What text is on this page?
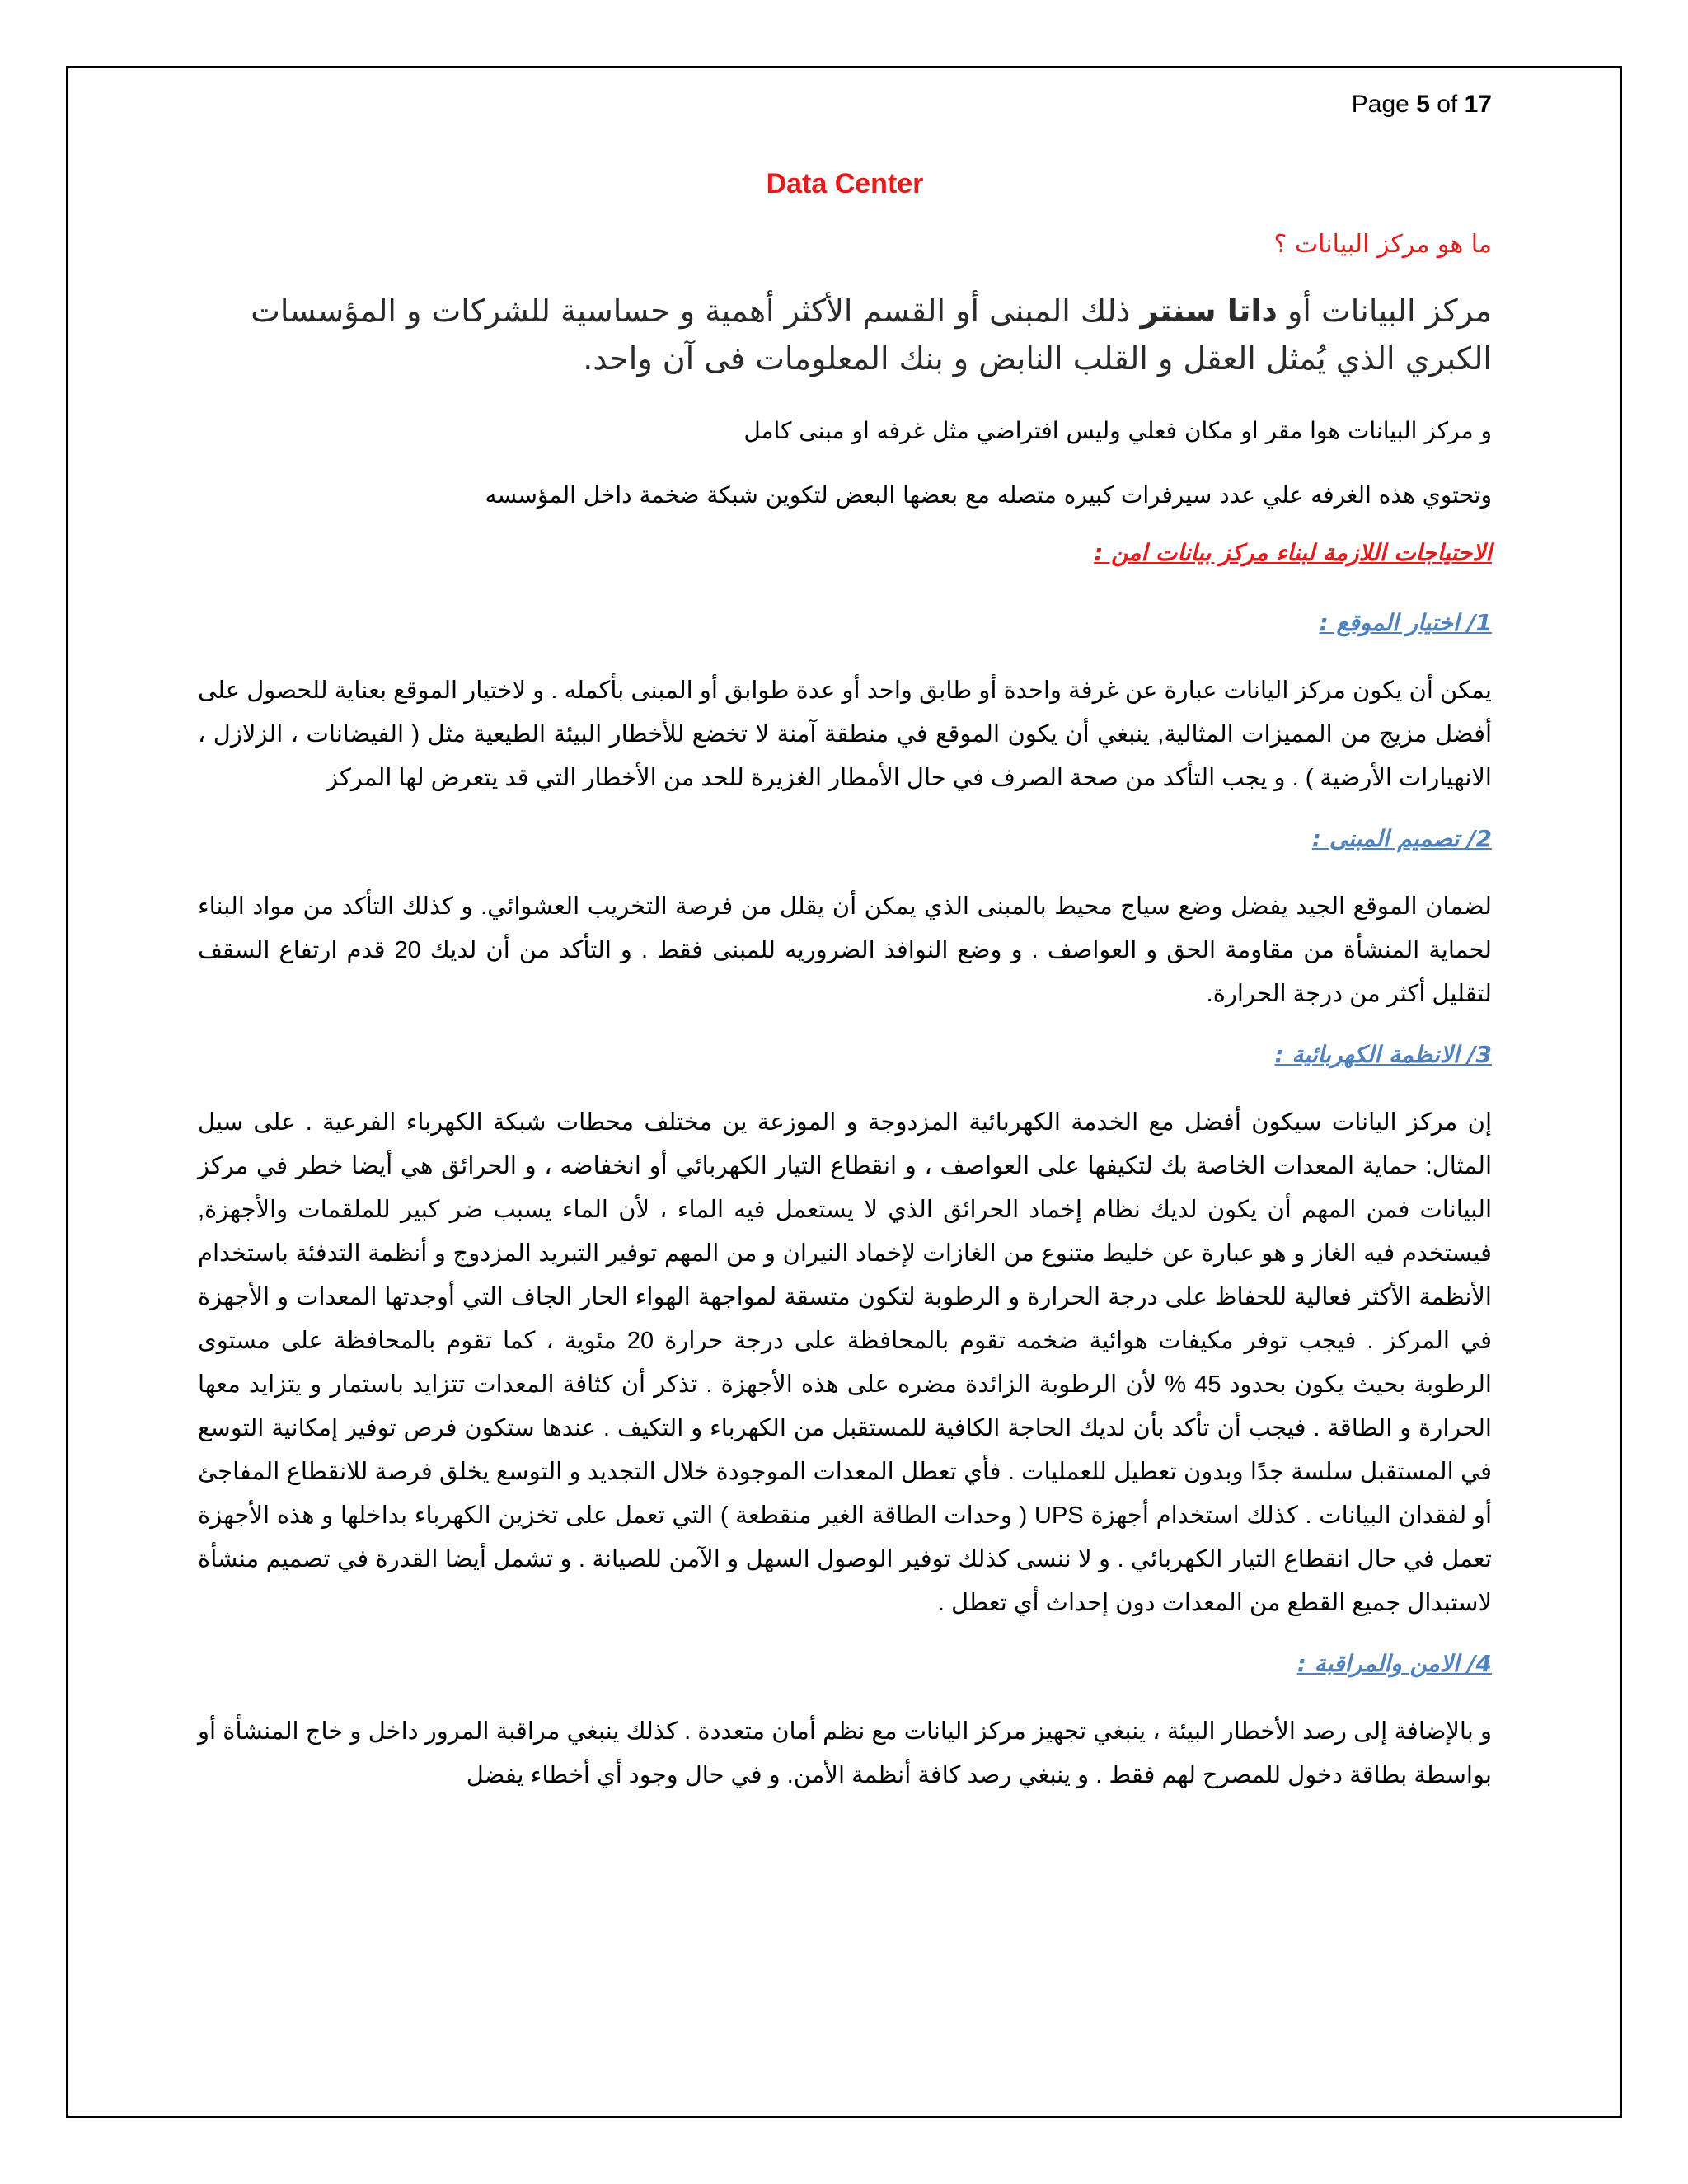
Page 5 of 17
Data Center
ما هو مركز البيانات ؟
مركز البيانات أو داتا سنتر ذلك المبنى أو القسم الأكثر أهمية و حساسية للشركات و المؤسسات الكبري الذي يُمثل العقل و القلب النابض و بنك المعلومات فى آن واحد.
و مركز البيانات هوا مقر او مكان فعلي وليس افتراضي مثل غرفه او مبنى كامل
وتحتوي هذه الغرفه علي عدد سيرفرات كبيره متصله مع بعضها البعض لتكوين شبكة ضخمة داخل المؤسسه
الاحتياجات اللازمة لبناء مركز بيانات امن :
1/ اختيار الموقع :
يمكن أن يكون مركز اليانات عبارة عن غرفة واحدة أو طابق واحد أو عدة طوابق أو المبنى بأكمله . و لاختيار الموقع بعناية للحصول على أفضل مزيج من المميزات المثالية, ينبغي أن يكون الموقع في منطقة آمنة لا تخضع للأخطار البيئة الطيعية مثل ( الفيضانات ، الزلازل ، الانهيارات الأرضية ) . و يجب التأكد من صحة الصرف في حال الأمطار الغزيرة للحد من الأخطار التي قد يتعرض لها المركز
2/ تصميم المبنى :
لضمان الموقع الجيد يفضل وضع سياج محيط بالمبنى الذي يمكن أن يقلل من فرصة التخريب العشوائي. و كذلك التأكد من مواد البناء لحماية المنشأة من مقاومة الحق و العواصف . و وضع النوافذ الضروريه للمبنى فقط . و التأكد من أن لديك 20 قدم ارتفاع السقف لتقليل أكثر من درجة الحرارة.
3/ الانظمة الكهربائية :
إن مركز اليانات سيكون أفضل مع الخدمة الكهربائية المزدوجة و الموزعة ين مختلف محطات شبكة الكهرباء الفرعية . على سيل المثال: حماية المعدات الخاصة بك لتكيفها على العواصف ، و انقطاع التيار الكهربائي أو انخفاضه ، و الحرائق هي أيضا خطر في مركز البيانات فمن المهم أن يكون لديك نظام إخماد الحرائق الذي لا يستعمل فيه الماء ، لأن الماء يسبب ضر كبير للملقمات والأجهزة, فيستخدم فيه الغاز و هو عبارة عن خليط متنوع من الغازات لإخماد النيران و من المهم توفير التبريد المزدوج و أنظمة التدفئة باستخدام الأنظمة الأكثر فعالية للحفاظ على درجة الحرارة و الرطوبة لتكون متسقة لمواجهة الهواء الحار الجاف التي أوجدتها المعدات و الأجهزة في المركز . فيجب توفر مكيفات هوائية ضخمه تقوم بالمحافظة على درجة حرارة 20 مئوية ، كما تقوم بالمحافظة على مستوى الرطوبة بحيث يكون بحدود 45 % لأن الرطوبة الزائدة مضره على هذه الأجهزة . تذكر أن كثافة المعدات تتزايد باستمار و يتزايد معها الحرارة و الطاقة . فيجب أن تأكد بأن لديك الحاجة الكافية للمستقبل من الكهرباء و التكيف . عندها ستكون فرص توفير إمكانية التوسع في المستقبل سلسة جدًا وبدون تعطيل للعمليات . فأي تعطل المعدات الموجودة خلال التجديد و التوسع يخلق فرصة للانقطاع المفاجئ أو لفقدان البيانات . كذلك استخدام أجهزة UPS ( وحدات الطاقة الغير منقطعة ) التي تعمل على تخزين الكهرباء بداخلها و هذه الأجهزة تعمل في حال انقطاع التيار الكهربائي . و لا ننسى كذلك توفير الوصول السهل و الآمن للصيانة . و تشمل أيضا القدرة في تصميم منشأة لاستبدال جميع القطع من المعدات دون إحداث أي تعطل .
4/ الامن والمراقبة :
و بالإضافة إلى رصد الأخطار البيئة ، ينبغي تجهيز مركز اليانات مع نظم أمان متعددة . كذلك ينبغي مراقبة المرور داخل و خاج المنشأة أو بواسطة بطاقة دخول للمصرح لهم فقط . و ينبغي رصد كافة أنظمة الأمن. و في حال وجود أي أخطاء يفضل
